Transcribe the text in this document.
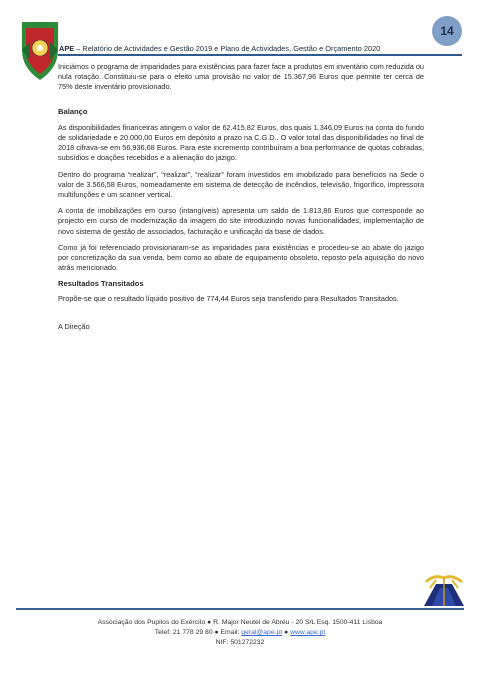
14
APE – Relatório de Actividades e Gestão 2019 e Plano de Actividades, Gestão e Orçamento 2020

Iniciámos o programa de imparidades para existências para fazer face a produtos em inventário com reduzida ou nula rotação. Constituiu-se para o efeito uma provisão no valor de 15.367,96 Euros que permite ter cerca de 75% deste inventário provisionado.

Balanço

As disponibilidades financeiras atingem o valor de 62.415,82 Euros, dos quais 1.346,09 Euros na conta do fundo de solidariedade e 20.000,00 Euros em depósito a prazo na C.G.D.. O valor total das disponibilidades no final de 2018 cifrava-se em 56.936,68 Euros. Para este incremento contribuíram a boa performance de quotas cobradas, subsídios e doações recebidos e a alienação do jazigo.

Dentro do programa “realizar”, “realizar”, “realizar” foram investidos em imobilizado para benefícios na Sede o valor de 3.566,58 Euros, nomeadamente em sistema de detecção de incêndios, televisão, frigorífico, impressora multifunções e um scanner vertical.

A conta de imobilizações em curso (intangíveis) apresenta um saldo de 1.813,86 Euros que corresponde ao projecto em curso de modernização da imagem do site introduzindo novas funcionalidades, implementação de novo sistema de gestão de associados, facturação e unificação da base de dados.

Como já foi referenciado provisionaram-se as imparidades para existências e procedeu-se ao abate do jazigo por concretização da sua venda, bem como ao abate de equipamento obsoleto, reposto pela aquisição do novo atrás mencionado.

Resultados Transitados

Propõe-se que o resultado líquido positivo de 774,44 Euros seja transferido para Resultados Transitados.

A Direção

Associação dos Pupilos do Exército ● R. Major Neutel de Abreu - 20 S/L Esq. 1500-411 Lisboa
Telef: 21 778 29 80 ● Email: geral@ape.pt ● www.ape.pt
NIF: 501272232
